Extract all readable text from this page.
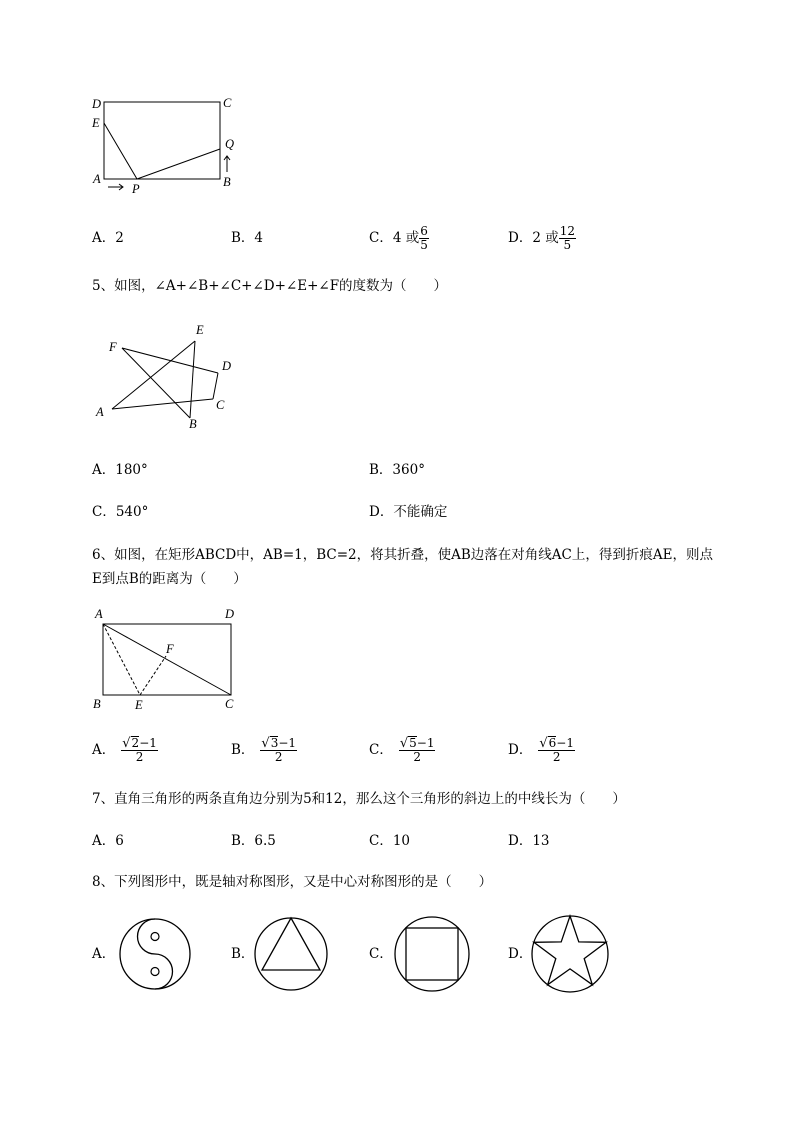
D	C
E
Q
A	B
P
A．2	B．4	C． 4 或 $\frac{6}{5}$	D． 2 或 $\frac{12}{5}$
5、如图，∠A+∠B+∠C+∠D+∠E+∠F的度数为（　　）
F
E
D
A	C
B
A．180°	B．360°
C．540°	D．不能确定
6、如图，在矩形ABCD中，AB=1，BC=2，将其折叠，使AB边落在对角线AC上，得到折痕AE，则点
E到点B的距离为（　　）
A	D
F
B	E	C
A． $\frac{√2-1}{2}$	B． $\frac{√3-1}{2}$	C． $\frac{√5-1}{2}$	D． $\frac{√6-1}{2}$
7、直角三角形的两条直角边分别为5和12，那么这个三角形的斜边上的中线长为（　　）
A．6	B．6.5	C．10	D．13
8、下列图形中，既是轴对称图形，又是中心对称图形的是（　　）
A．	B．	C．	D．
